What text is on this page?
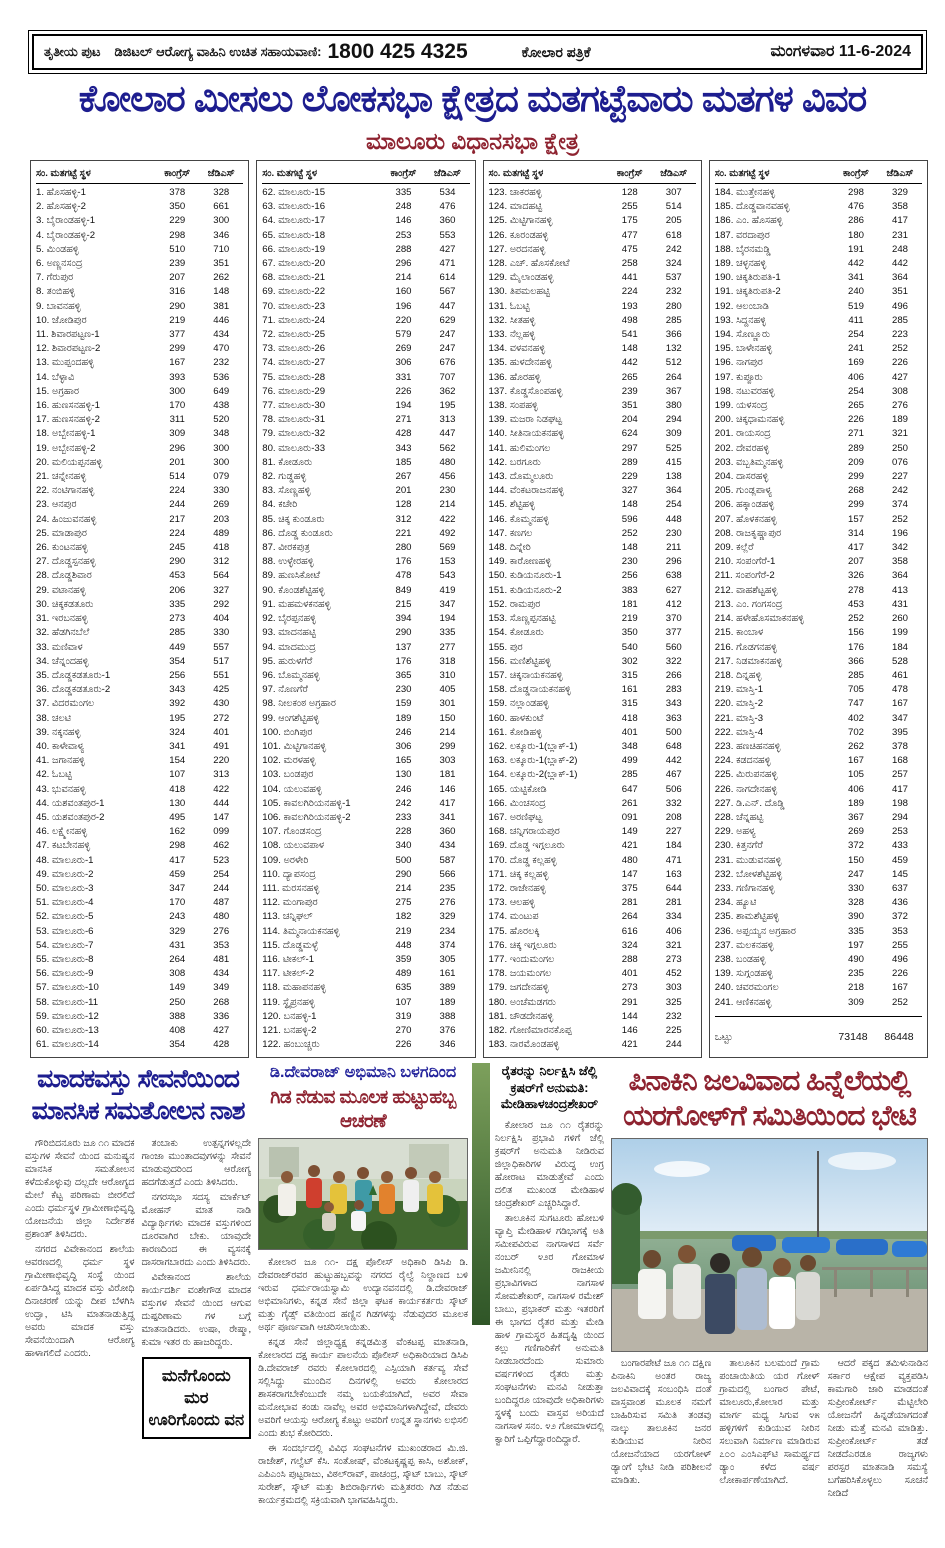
ತೃತೀಯ ಪುಟ ಡಿಜಿಟಲ್ ಆರೋಗ್ಯ ವಾಹಿನಿ ಉಚಿತ ಸಹಾಯವಾಣಿ: 1800 425 4325	ಕೋಲಾರ ಪತ್ರಿಕೆ	ಮಂಗಳವಾರ 11-6-2024
ಕೋಲಾರ ಮೀಸಲು ಲೋಕಸಭಾ ಕ್ಷೇತ್ರದ ಮತಗಟ್ಟೆವಾರು ಮತಗಳ ವಿವರ
ಮಾಲೂರು ವಿಧಾನಸಭಾ ಕ್ಷೇತ್ರ
ಸಂ. ಮತಗಟ್ಟೆ ಸ್ಥಳ	ಕಾಂಗ್ರೆಸ್	ಜೆಡಿಎಸ್
1. ಹೊಸಹಳ್ಳಿ-1	378	328
2. ಹೊಸಹಳ್ಳಿ-2	350	661
3. ಬೈರಾಂಡಹಳ್ಳಿ-1	229	300
4. ಬೈರಾಂಡಹಳ್ಳಿ-2	298	346
5. ಮಿಂಡಹಳ್ಳಿ	510	710
6. ಅಣ್ಣನಸಂದ್ರ	239	351
7. ಗೆರುಪುರ	207	262
8. ತಂಬಿಹಳ್ಳಿ	316	148
9. ಬಾವನಹಳ್ಳಿ	290	381
10. ಜೋಡಿಪುರ	219	446
11. ಶಿವಾರಪಟ್ಟಣ-1	377	434
12. ಶಿವಾರಪಟ್ಟಣ-2	299	470
13. ಮುಪ್ಪಂದಹಳ್ಳಿ	167	232
14. ಬೆಳ್ಳಾವಿ	393	536
15. ಅಗ್ರಹಾರ	300	649
16. ಹುಣಸನಹಳ್ಳಿ-1	170	438
17. ಹುಣಸನಹಳ್ಳಿ-2	311	520
18. ಅಬ್ಬೇನಹಳ್ಳಿ-1	309	348
19. ಅಬ್ಬೇನಹಳ್ಳಿ-2	296	300
20. ಮಲಿಯಪ್ಪನಹಳ್ಳಿ	201	300
21. ಚನ್ನೇನಹಳ್ಳಿ	514	079
22. ನಂಟಿಗಾನಹಳ್ಳಿ	224	330
23. ಆನಪುರ	244	269
24. ಹಿಂಜುವನಹಳ್ಳಿ	217	203
25. ಮಾಡಾಪುರ	224	489
26. ಕುಂಟನಹಳ್ಳಿ	245	418
27. ದೊಡ್ಡಸ್ಪನಹಳ್ಳಿ	290	312
28. ದೊಡ್ಡಶಿವಾರ	453	564
29. ವಟಾನಹಳ್ಳಿ	206	327
30. ಚಿಕ್ಕಕಡತೂರು	335	292
31. ಇರಬನಹಳ್ಳಿ	273	404
32. ಹೆಡಗಿನಬೆಲೆ	285	330
33. ಮಣಿವಾಳ	449	557
34. ಚೆನ್ನಂದಹಳ್ಳಿ	354	517
35. ದೊಡ್ಡಕಡತೂರು-1	256	551
36. ದೊಡ್ಡಕಡತೂರು-2	343	425
37. ವಿದರಮಂಗಲ	392	430
38. ಚಲಟಿ	195	272
39. ನಕ್ಕನಹಳ್ಳಿ	324	401
40. ಕಾಳೇವಾಳ್ಯ	341	491
41. ಜಗಾನಹಳ್ಳಿ	154	220
42. ಓಬಟ್ಟಿ	107	313
43. ಭುವನಹಳ್ಳಿ	418	422
44. ಯಶವಂತಪುರ-1	130	444
45. ಯಶವಂತಪುರ-2	495	147
46. ಲಕ್ಷ್ಮೇನಹಳ್ಳಿ	162	099
47. ಕಟಬೇನಹಳ್ಳಿ	298	462
48. ಮಾಲೂರು-1	417	523
49. ಮಾಲೂರು-2	459	254
50. ಮಾಲೂರು-3	347	244
51. ಮಾಲೂರು-4	170	487
52. ಮಾಲೂರು-5	243	480
53. ಮಾಲೂರು-6	329	276
54. ಮಾಲೂರು-7	431	353
55. ಮಾಲೂರು-8	264	481
56. ಮಾಲೂರು-9	308	434
57. ಮಾಲೂರು-10	149	349
58. ಮಾಲೂರು-11	250	268
59. ಮಾಲೂರು-12	388	336
60. ಮಾಲೂರು-13	408	427
61. ಮಾಲೂರು-14	354	428
ಸಂ. ಮತಗಟ್ಟೆ ಸ್ಥಳ	ಕಾಂಗ್ರೆಸ್	ಜೆಡಿಎಸ್
62. ಮಾಲೂರು-15	335	534
63. ಮಾಲೂರು-16	248	476
64. ಮಾಲೂರು-17	146	360
65. ಮಾಲೂರು-18	253	553
66. ಮಾಲೂರು-19	288	427
67. ಮಾಲೂರು-20	296	471
68. ಮಾಲೂರು-21	214	614
69. ಮಾಲೂರು-22	160	567
70. ಮಾಲೂರು-23	196	447
71. ಮಾಲೂರು-24	220	629
72. ಮಾಲೂರು-25	579	247
73. ಮಾಲೂರು-26	269	247
74. ಮಾಲೂರು-27	306	676
75. ಮಾಲೂರು-28	331	707
76. ಮಾಲೂರು-29	226	362
77. ಮಾಲೂರು-30	194	195
78. ಮಾಲೂರು-31	271	313
79. ಮಾಲೂರು-32	428	447
80. ಮಾಲೂರು-33	343	562
81. ಕೋಡೂರು	185	480
82. ಗುಡ್ಡಹಳ್ಳಿ	267	456
83. ಸೊಣ್ಣಹಳ್ಳಿ	201	230
84. ಕಚೇರಿ	128	214
85. ಚಿಕ್ಕ ಕುಂಡೂರು	312	422
86. ದೊಡ್ಡ ಕುಂಡೂರು	221	492
87. ವೀರಕಪುತ್ರ	280	569
88. ಉಳ್ಳೇರಹಳ್ಳಿ	176	153
89. ಹುಣಸಿಕೋಟೆ	478	543
90. ಕೊಂಡಶೆಟ್ಟಿಹಳ್ಳಿ	849	419
91. ಮಹಮಳಕನಹಳ್ಳಿ	215	347
92. ಬೈರಪ್ಪನಹಳ್ಳಿ	394	194
93. ಮಾದನಹಟ್ಟಿ	290	335
94. ಮಾದಮುದ್ರ	137	277
95. ಹುರುಳಗೆರೆ	176	318
96. ಬೊಮ್ಮನಹಳ್ಳಿ	365	310
97. ನೊಣಗೆರೆ	230	405
98. ನೀಲಕಂಠ ಅಗ್ರಹಾರ	159	301
99. ಆಂಗಶೆಟ್ಟಿಹಳ್ಳಿ	189	150
100. ಬಿಂಗಿಪುರ	246	214
101. ಮಿಟ್ಟಿಗಾನಹಳ್ಳಿ	306	299
102. ಮರಳಹಳ್ಳಿ	165	303
103. ಬಂಡಪುರ	130	181
104. ಯಲುವಹಳ್ಳಿ	246	146
105. ಕಾವಲಗಿರಿಯನಹಳ್ಳಿ-1	242	417
106. ಕಾವಲಗಿರಿಯನಹಳ್ಳಿ-2	233	341
107. ಗೊಂಡಸಂದ್ರ	228	360
108. ಯಲುವಪಾಳ	340	434
109. ಅರಳೇರಿ	500	587
110. ದ್ಯಾಪಸಂದ್ರ	290	566
111. ಮರಸನಹಳ್ಳಿ	214	235
112. ಮಂಗಾಪುರ	275	276
113. ಚನ್ನಿಘಲ್	182	329
114. ತಿಮ್ಮನಾಯಕನಹಳ್ಳಿ	219	234
115. ದೊಡ್ಡಮಳ್ಳೆ	448	374
116. ಟೀಕಲ್-1	359	305
117. ಟೀಕಲ್-2	489	161
118. ಮಹಾಪನಹಳ್ಳಿ	635	389
119. ಸ್ಥೈಪ್ರನಹಳ್ಳಿ	107	189
120. ಬನಹಳ್ಳಿ-1	319	388
121. ಬನಹಳ್ಳಿ-2	270	376
122. ಹಂಬುಚ್ಚರು	226	346
ಸಂ. ಮತಗಟ್ಟೆ ಸ್ಥಳ	ಕಾಂಗ್ರೆಸ್	ಜೆಡಿಎಸ್
123. ಚಾಕರಹಳ್ಳಿ	128	307
124. ಮಾದಹಟ್ಟಿ	255	514
125. ಮಿಟ್ಟಿಗಾನಹಳ್ಳಿ	175	205
126. ಕೂರಂಡಹಳ್ಳಿ	477	618
127. ಅರದನಹಳ್ಳಿ	475	242
128. ಎಚ್. ಹೊಸಕೋಟೆ	258	324
129. ಮೈಲಾಂಡಹಳ್ಳಿ	441	537
130. ತಿಪಮಲಹಟ್ಟಿ	224	232
131. ಓಬಟ್ಟಿ	193	280
132. ಸೀತಹಳ್ಳಿ	498	285
133. ನೆಲ್ಲಹಳ್ಳಿ	541	366
134. ವಳವನಹಳ್ಳಿ	148	132
135. ಹುಳದೇನಹಳ್ಳಿ	442	512
136. ಹೊರಹಳ್ಳಿ	265	264
137. ಕೊಡ್ಡಸೊಂಪಹಳ್ಳಿ	239	367
138. ಸಂಪಹಳ್ಳಿ	351	380
139. ಮಜರಾ ನಿಡಘಟ್ಟ	204	294
140. ಸೀತಿನಾಯಕನಹಳ್ಳಿ	624	309
141. ಹುಲಿಮಂಗಲ	297	525
142. ಬರಗೂರು	289	415
143. ದೊಮ್ಮಲೂರು	229	138
144. ವೆಂಕಟರಾಜನಹಳ್ಳಿ	327	364
145. ಶೆಟ್ಟಿಹಳ್ಳಿ	148	254
146. ಕೊಮ್ಮನಹಳ್ಳಿ	596	448
147. ಕಣಗಲ	252	230
148. ದಿನ್ನೇರಿ	148	211
149. ಕಾರೋಣಹಳ್ಳಿ	230	296
150. ಕುಡಿಯನೂರು-1	256	638
151. ಕುಡಿಯನೂರು-2	383	627
152. ರಾಮಪುರ	181	412
153. ಸೊಣ್ಣಪ್ಪನಹಟ್ಟಿ	219	370
154. ಕೋಡೂರು	350	377
155. ಪುರ	540	560
156. ಮಣಿಶೆಟ್ಟಿಹಳ್ಳಿ	302	322
157. ಚಿಕ್ಕನಾಯಕನಹಳ್ಳಿ	315	266
158. ದೊಡ್ಡನಾಯಕನಹಳ್ಳಿ	161	283
159. ನಲ್ಲಾಂಡಹಳ್ಳಿ	315	343
160. ಹಾಳಕುಂಟೆ	418	363
161. ಕೋಡಿಹಳ್ಳಿ	401	500
162. ಲಕ್ಕೂರು-1(ಬ್ಲಾಕ್-1)	348	648
163. ಲಕ್ಕೂರು-1(ಬ್ಲಾಕ್-2)	499	442
164. ಲಕ್ಕೂರು-2(ಬ್ಲಾಕ್-1)	285	467
165. ಯಟ್ಟಿಕೋಡಿ	647	506
166. ಮಿಂಚಸಂದ್ರ	261	332
167. ಅರಣಿಘಟ್ಟ	091	208
168. ಚನ್ನಿಗರಾಯಪುರ	149	227
169. ದೊಡ್ಡ ಇಗ್ಗಲೂರು	421	184
170. ದೊಡ್ಡ ಕಲ್ಲಹಳ್ಳಿ	480	471
171. ಚಿಕ್ಕ ಕಲ್ಲಹಳ್ಳಿ	147	163
172. ರಾಜೇನಹಳ್ಳಿ	375	644
173. ಆಲಹಳ್ಳಿ	281	281
174. ಮಂಟುಪ	264	334
175. ಹೊರಲಕ್ಕಿ	616	406
176. ಚಿಕ್ಕ ಇಗ್ಗಲೂರು	324	321
177. ಇಂದುಮಂಗಲ	288	273
178. ಜಯಮಂಗಲ	401	452
179. ಜಗದೇನಹಳ್ಳಿ	273	303
180. ಅಂಚೆಮಡಗರು	291	325
181. ಚೌಡದೇನಹಳ್ಳಿ	144	232
182. ಗೋಣಿಮಾರನಕೊಪ್ಪ	146	225
183. ನಾರಮೊಂಡಹಳ್ಳಿ	421	244
ಸಂ. ಮತಗಟ್ಟೆ ಸ್ಥಳ	ಕಾಂಗ್ರೆಸ್	ಜೆಡಿಎಸ್
184. ಮುತ್ತೇನಹಳ್ಳಿ	298	329
185. ದೊಡ್ಡವಾನವಹಳ್ಳಿ	476	358
186. ಎಂ. ಹೊಸಹಳ್ಳಿ	286	417
187. ವರದಾಪುರ	180	231
188. ಬೈರನಮಡ್ಡಿ	191	248
189. ಚಳ್ಳನಹಳ್ಳಿ	442	442
190. ಚಿಕ್ಕತಿರುಪತಿ-1	341	364
191. ಚಿಕ್ಕತಿರುಪತಿ-2	240	351
192. ಆಲಂಬಾಡಿ	519	496
193. ಸಿದ್ದನಹಳ್ಳಿ	411	285
194. ಸೊಣ್ಣೂರು	254	223
195. ಬಾಳೇನಹಳ್ಳಿ	241	252
196. ನಾಗಪುರ	169	226
197. ಕುಪ್ಪೂರು	406	427
198. ನಟುವರಹಳ್ಳಿ	254	308
199. ಯಳಸಂದ್ರ	265	276
200. ಚಿಕ್ಕಧಾಮನಹಳ್ಳಿ	226	189
201. ರಾಯಸಂದ್ರ	271	321
202. ದೇವರಹಳ್ಳಿ	289	250
203. ವಬ್ಬತಿಮ್ಮನಹಳ್ಳಿ	209	076
204. ದಾಸರಹಳ್ಳಿ	299	227
205. ಗುಂಡ್ಲಪಾಳ್ಯ	268	242
206. ಹಕ್ಕಾಂಡಹಳ್ಳಿ	299	374
207. ಹೊಳಕನಹಳ್ಳಿ	157	252
208. ರಾಜಕೃಷ್ಣಾಪುರ	314	196
209. ಕಲ್ಲೆರೆ	417	342
210. ಸಂಪಂಗೆರೆ-1	207	358
211. ಸಂಪಂಗೆರೆ-2	326	364
212. ವಾಹಶೆಟ್ಟಹಳ್ಳಿ	278	413
213. ಎಂ. ಗಂಗಸಂದ್ರ	453	431
214. ಹಳೇಹೊಸಮಾಕನಹಳ್ಳಿ	252	260
215. ಕಾಂಬಾಳ	156	199
216. ಗೊಡಗನಹಳ್ಳಿ	176	184
217. ನಿಡಮಾಕನಹಳ್ಳಿ	366	528
218. ದಿನ್ನಹಳ್ಳಿ	285	461
219. ಮಾಸ್ತಿ-1	705	478
220. ಮಾಸ್ತಿ-2	747	167
221. ಮಾಸ್ತಿ-3	402	347
222. ಮಾಸ್ತಿ-4	702	395
223. ಹಣಚಿಹನಹಳ್ಳಿ	262	378
224. ಕಡದನಹಳ್ಳಿ	167	168
225. ಮಿರುಪನಹಳ್ಳಿ	105	257
226. ನಾಗದೇನಹಳ್ಳಿ	406	417
227. ಡಿ.ಎನ್. ದೊಡ್ಡಿ	189	198
228. ಚೆನ್ನಹಟ್ಟಿ	367	294
229. ಅಹಳ್ಯ	269	253
230. ಕಿತ್ತನಗೆರೆ	372	433
231. ಮುಡುವನಹಳ್ಳಿ	150	459
232. ಬೋಳಶೆಟ್ಟಿಹಳ್ಳಿ	247	145
233. ಗಣಿಗಾನಹಳ್ಳಿ	330	637
234. ಹ್ಯೂಟಿ	328	436
235. ಶಾಮಶೆಟ್ಟಿಹಳ್ಳಿ	390	372
236. ಅಪ್ಪಯ್ಯನ ಅಗ್ರಹಾರ	335	353
237. ಮಲಕನಹಳ್ಳಿ	197	255
238. ಬಂಡಹಳ್ಳಿ	490	496
139. ಸುಗ್ಗಂಡಹಳ್ಳಿ	235	226
240. ಚವರಮಂಗಲ	218	167
241. ಆಣಿಕನಹಳ್ಳಿ	309	252
ಒಟ್ಟು	73148	86448
ಮಾದಕವಸ್ತು ಸೇವನೆಯಿಂದ ಮಾನಸಿಕ ಸಮತೋಲನ ನಾಶ

ಗೌರಿಬಿದನೂರು ಜೂ ೧೧ ಮಾದಕ ವಸ್ತುಗಳ ಸೇವನೆ ಯಿಂದ ಮನುಷ್ಯನ ಮಾನಸಿಕ ಸಮತೋಲನ ಕಳೆದುಕೊಳ್ಳುವು ದಲ್ಲದೇ ಆರೋಗ್ಯದ ಮೇಲೆ ಕೆಟ್ಟ ಪರಿಣಾಮ ಬೀರಲಿದೆ ಎಂದು ಧರ್ಮಸ್ಥಳ ಗ್ರಾಮೀಣಾಭಿವೃದ್ಧಿ ಯೋಜನೆಯ ಜಿಲ್ಲಾ ನಿರ್ದೇಶಕ ಪ್ರಶಾಂತ್ ತಿಳಿಸಿದರು.

ನಗರದ ವಿವೇಕಾನಂದ ಶಾಲೆಯ ಆವರಣದಲ್ಲಿ ಧರ್ಮ ಸ್ಥಳ ಗ್ರಾಮೀಣಾಭಿವೃದ್ಧಿ ಸಂಸ್ಥೆ ಯಿಂದ ಏರ್ಪಡಿಸಿದ್ದ ಮಾದಕ ವಸ್ತು ವಿರೋಧಿ ದಿನಾಚರಣೆ ಯನ್ನು ದೀಪ ಬೆಳಗಿಸಿ ಉದ್ಘಾ, ಟಿಸಿ ಮಾತನಾಡುತ್ತಿದ್ದ ಅವರು ಮಾದಕ ವಸ್ತು ಸೇವನೆಯಿಂದಾಗಿ ಆರೋಗ್ಯ ಹಾಳಾಗಲಿದೆ ಎಂದರು.

ತಂಬಾಕು ಉತ್ಪನ್ನಗಳಲ್ಲದೇ ಗಾಂಜಾ ಮುಂತಾದವುಗಳನ್ನು ಸೇವನೆ ಮಾಡುವುದರಿಂದ ಆರೋಗ್ಯ ಹದಗೆಡುತ್ತದೆ ಎಂದು ತಿಳಿಸಿದರು.

ನಗರಸಭಾ ಸದಸ್ಯ ಮಾರ್ಕೆಟ್ ಮೋಹನ್ ಮಾತ ನಾಡಿ ವಿದ್ಯಾರ್ಥಿಗಳು ಮಾದಕ ವಸ್ತುಗಳಿಂದ ದೂರವಾಗಿರ ಬೇಕು. ಯಾವುದೇ ಕಾರಣದಿಂದ ಈ ವ್ಯಸನಕ್ಕೆ ದಾಸರಾಗಬಾರದು ಎಂದು ತಿಳಿಸಿದರು.

ವಿವೇಕಾನಂದ ಶಾಲೆಯ ಕಾರ್ಯದರ್ಶಿ ವಂಶೇಗೌಡ ಮಾದಕ ವಸ್ತುಗಳ ಸೇವನೆ ಯಿಂದ ಆಗುವ ದುಷ್ಪರಿಣಾಮ ಗಳ ಬಗ್ಗೆ ಮಾತನಾಡಿದರು. ಉಷಾ, ರೇಷ್ಮಾ, ಕುಮಾ ಇತರ ರು ಹಾಜರಿದ್ದರು.

ಮನೆಗೊಂದು ಮರ ಊರಿಗೊಂದು ವನ
ಡಿ.ದೇವರಾಜ್ ಅಭಿಮಾನಿ ಬಳಗದಿಂದ
ಗಿಡ ನೆಡುವ ಮೂಲಕ ಹುಟ್ಟುಹಬ್ಬ ಆಚರಣೆ

ಕೋಲಾರ ಜೂ ೧೧- ದಕ್ಷ ಪೊಲೀಸ್ ಅಧಿಕಾರಿ ಡಿಸಿಪಿ ಡಿ. ದೇವರಾಜ್‌ರವರ ಹುಟ್ಟುಹಬ್ಬವನ್ನು ನಗರದ ರೈಲ್ವೆ ನಿಲ್ದಾಣದ ಬಳಿ ಇರುವ ಧರ್ಮರಾಯಸ್ವಾಮಿ ಉದ್ಯಾನವನದಲ್ಲಿ ಡಿ.ದೇವರಾಜ್ ಅಭಿಮಾನಿಗಳು, ಕನ್ನಡ ಸೇನೆ ಜಿಲ್ಲಾ ಘಟಕ ಕಾರ್ಯಕರ್ತರು ಸ್ಕೌಟ್ ಮತ್ತು ಗೈಡ್ಸ್ ವತಿಯಿಂದ ಹಣ್ಣಿನ ಗಿಡಗಳನ್ನು ನೆಡುವುದರ ಮೂಲಕ ಅರ್ಥ ಪೂರ್ಣವಾಗಿ ಆಚರಿಸಲಾಯಿತು.

ಕನ್ನಡ ಸೇನೆ ಜಿಲ್ಲಾಧ್ಯಕ್ಷ ಕನ್ನಡಮಿತ್ರ ವೆಂಕಟಪ್ಪ ಮಾತನಾಡಿ, ಕೋಲಾರದ ದಕ್ಷ ಕಾರ್ಯ ಪಾಲನೆಯ ಪೊಲೀಸ್ ಅಧಿಕಾರಿಯಾದ ಡಿಸಿಪಿ ಡಿ.ದೇವರಾಜ್ ರವರು ಕೋಲಾರದಲ್ಲಿ ಎಸ್ಪಿಯಾಗಿ ಕರ್ತವ್ಯ ಸೇವೆ ಸಲ್ಲಿಸಿದ್ದು ಮುಂದಿನ ದಿನಗಳಲ್ಲಿ ಅವರು ಕೋಲಾರದ ಶಾಸಕರಾಗಬೇಕೆಂಬುದೇ ನಮ್ಮ ಬಯಕೆಯಾಗಿದೆ, ಅವರ ಸೇವಾ ಮನೋಭಾವ ಕಂಡು ನಾವೆಲ್ಲ ಅವರ ಅಭಿಮಾನಿಗಳಾಗಿದ್ದೇವೆ, ದೇವರು ಅವರಿಗೆ ಆಯಸ್ಸು ಆರೋಗ್ಯ ಕೊಟ್ಟು ಅವರಿಗೆ ಉನ್ನತ ಸ್ಥಾನಗಳು ಲಭಿಸಲಿ ಎಂದು ಶುಭ ಕೋರಿದರು.

ಈ ಸಂದರ್ಭದಲ್ಲಿ ವಿವಿಧ ಸಂಘಟನೆಗಳ ಮುಖಂಡರಾದ ಮಿ.ಜಿ. ರಾಜೇಶ್, ಗಲ್ವೆಟ್ ಕೆಸಿ. ಸಂತೋಷ್, ವೆಂಕಟಕೃಷ್ಣಪ್ಪ ಕಾಸಿ, ಅಶೋಕ್, ಎಪಿಎಂಸಿ ಪುಟ್ಟರಾಜು, ವಿಠಲ್‌ರಾವ್, ಪಾಚಂದ್ರ, ಸ್ಕೌಟ್ ಬಾಬು, ಸ್ಕೌಟ್ ಸುರೇಶ್, ಸ್ಕೌಟ್ ಮತ್ತು ಶಿಬಿರಾರ್ಥಿಗಳು ಮತ್ತಿತರರು ಗಿಡ ನೆಡುವ ಕಾರ್ಯಕ್ರಮದಲ್ಲಿ ಸಕ್ರಿಯವಾಗಿ ಭಾಗವಹಿಸಿದ್ದರು.

ರೈತರನ್ನು ನಿರ್ಲಕ್ಷಿಸಿ ಜೆಲ್ಲಿ ಕ್ರಷರ್‌ಗೆ ಅನುಮತಿ: ಮೇಡಿಹಾಳಚಂದ್ರಶೇಖರ್

ಕೋಲಾರ ಜೂ ೧೧ ರೈತರನ್ನು ನಿರ್ಲಕ್ಷಿಸಿ ಪ್ರಭಾವಿ ಗಳಿಗೆ ಜೆಲ್ಲಿ ಕ್ರಷರ್‌ಗೆ ಅನುಮತಿ ನೀಡಿರುವ ಜಿಲ್ಲಾಧಿಕಾರಿಗಳ ವಿರುದ್ಧ ಉಗ್ರ ಹೋರಾಟ ಮಾಡುತ್ತೇವೆ ಎಂದು ದಲಿತ ಮುಖಂಡ ಮೇಡಿಹಾಳ ಚಂದ್ರಶೇಖರ್ ಎಚ್ಚರಿಸಿದ್ದಾರೆ.

ತಾಲೂಕಿನ ಸುಗಟೂರು ಹೋಬಳಿ ವ್ಯಾಪ್ತಿ ಮೇಡಿಹಾಳ ಗಡಿಭಾಗಕ್ಕೆ ಅತಿ ಸಮೀಪವಿರುವ ನಾಗಸಾಳದ ಸರ್ವೆ ನಂಬರ್ ೪೨ರ ಗೋಮಾಳ ಜಮೀನಿನಲ್ಲಿ ರಾಜಕೀಯ ಪ್ರಭಾವಿಗಳಾದ ನಾಗಸಾಳ ಸೋಮಶೇಖರ್, ನಾಗಸಾಳ ರಮೇಶ್ ಬಾಬು, ಪ್ರಭಾಕರ್ ಮತ್ತು ಇತರರಿಗೆ ಈ ಭಾಗದ ರೈತರ ಮತ್ತು ಮೇಡಿ ಹಾಳ ಗ್ರಾಮಸ್ಥರ ಹಿತದೃಷ್ಟಿ ಯಿಂದ ಕಲ್ಲು ಗಣಿಗಾರಿಕೆಗೆ ಅನುಮತಿ ನೀಡಬಾರದೆಂದು ಸುಮಾರು ವರ್ಷಗಳಿಂದ ರೈತರು ಮತ್ತು ಸಂಘಟನೆಗಳು ಮನವಿ ನೀಡುತ್ತಾ ಬಂದಿದ್ದರೂ ಯಾವುದೇ ಅಧಿಕಾರಿಗಳು ಸ್ಥಳಕ್ಕೆ ಬಂದು ವಾಸ್ತವ ಅರಿಯದೆ ನಾಗಸಾಳ ಸನಂ. ೪೨ ಗೋಮಾಳದಲ್ಲಿ ಕ್ವಾರಿಗೆ ಒಪ್ಪಿಗೆದ್ದಾರಂದಿದ್ದಾರೆ.

ಪಿನಾಕಿನಿ ಜಲವಿವಾದ ಹಿನ್ನೆಲೆಯಲ್ಲಿ ಯರಗೋಳ್‌ಗೆ ಸಮಿತಿಯಿಂದ ಭೇಟಿ

ಬಂಗಾರಪೇಟೆ ಜೂ ೧೧ ದಕ್ಷಿಣ ಪಿನಾಕಿನಿ ಅಂತರ ರಾಜ್ಯ ಜಲವಿವಾದಕ್ಕೆ ಸಂಬಂಧಿಸಿ ದಂತೆ ವಾಸ್ತವಾಂಶ ಮೂಲಕ ನಮಗೆ ಬಾಹಿರಿಸುವ ಸಮಿತಿ ತಂಡವು ನಾಲ್ಕು ತಾಲೂಕಿನ ಜನರ ಕುಡಿಯುವ ನೀರಿನ ಯೋಜನೆಯಾದ ಯರಗೋಳ್ ಡ್ಯಾಂಗೆ ಭೇಟಿ ನೀಡಿ ಪರಿಶೀಲನೆ ಮಾಡಿತು.

ತಾಲೂಕಿನ ಬಲಮಂದೆ ಗ್ರಾಮ ಪಂಚಾಯಿತಿಯ ಯರ ಗೋಳ್ ಗ್ರಾಮದಲ್ಲಿ ಬಂಗಾರ ಪೇಟೆ, ಮಾಲೂರು,ಕೋಲಾರ ಮತ್ತು ಮಾರ್ಗ ಮಧ್ಯ ಸಿಗುವ ೪೫ ಹಳ್ಳಿಗಳಿಗೆ ಕುಡಿಯುವ ನೀರಿನ ಸಲುವಾಗಿ ನಿರ್ಮಾಣ ಮಾಡಿರುವ ೭೦೦ ಎಂಸಿಎಫ್‌ಟಿ ಸಾಮರ್ಥ್ಯದ ಡ್ಯಾಂ ಕಳೆದ ವರ್ಷ ಲೋಕಾರ್ಪಣೆಯಾಗಿದೆ.

ಆದರೆ ಪಕ್ಕದ ತಮಿಳುನಾಡಿನ ಸರ್ಕಾರ ಆಕ್ಷೇಪ ವ್ಯಕ್ತಪಡಿಸಿ ಕಾಮಗಾರಿ ಜಾರಿ ಮಾಡದಂತೆ ಸುಪ್ರೀಂಕೋರ್ಟ್ ಮೆಟ್ಟಿಲೇರಿ ಯೋಜನೆಗೆ ಹಿನ್ನಡೆಯಾಗದಂತೆ ನೀಡು ಮತ್ತೆ ಮನವಿ ಮಾಡಿತ್ತು. ಸುಪ್ರೀಂಕೋರ್ಟ್ ತಡೆ ನೀಡದೆಎರಡೂ ರಾಜ್ಯಗಳು ಪರಸ್ಪರ ಮಾತನಾಡಿ ಸಮಸ್ಯೆ ಬಗೆಹರಿಸಿಕೊಳ್ಳಲು ಸೂಚನೆ ನೀಡಿದೆ
